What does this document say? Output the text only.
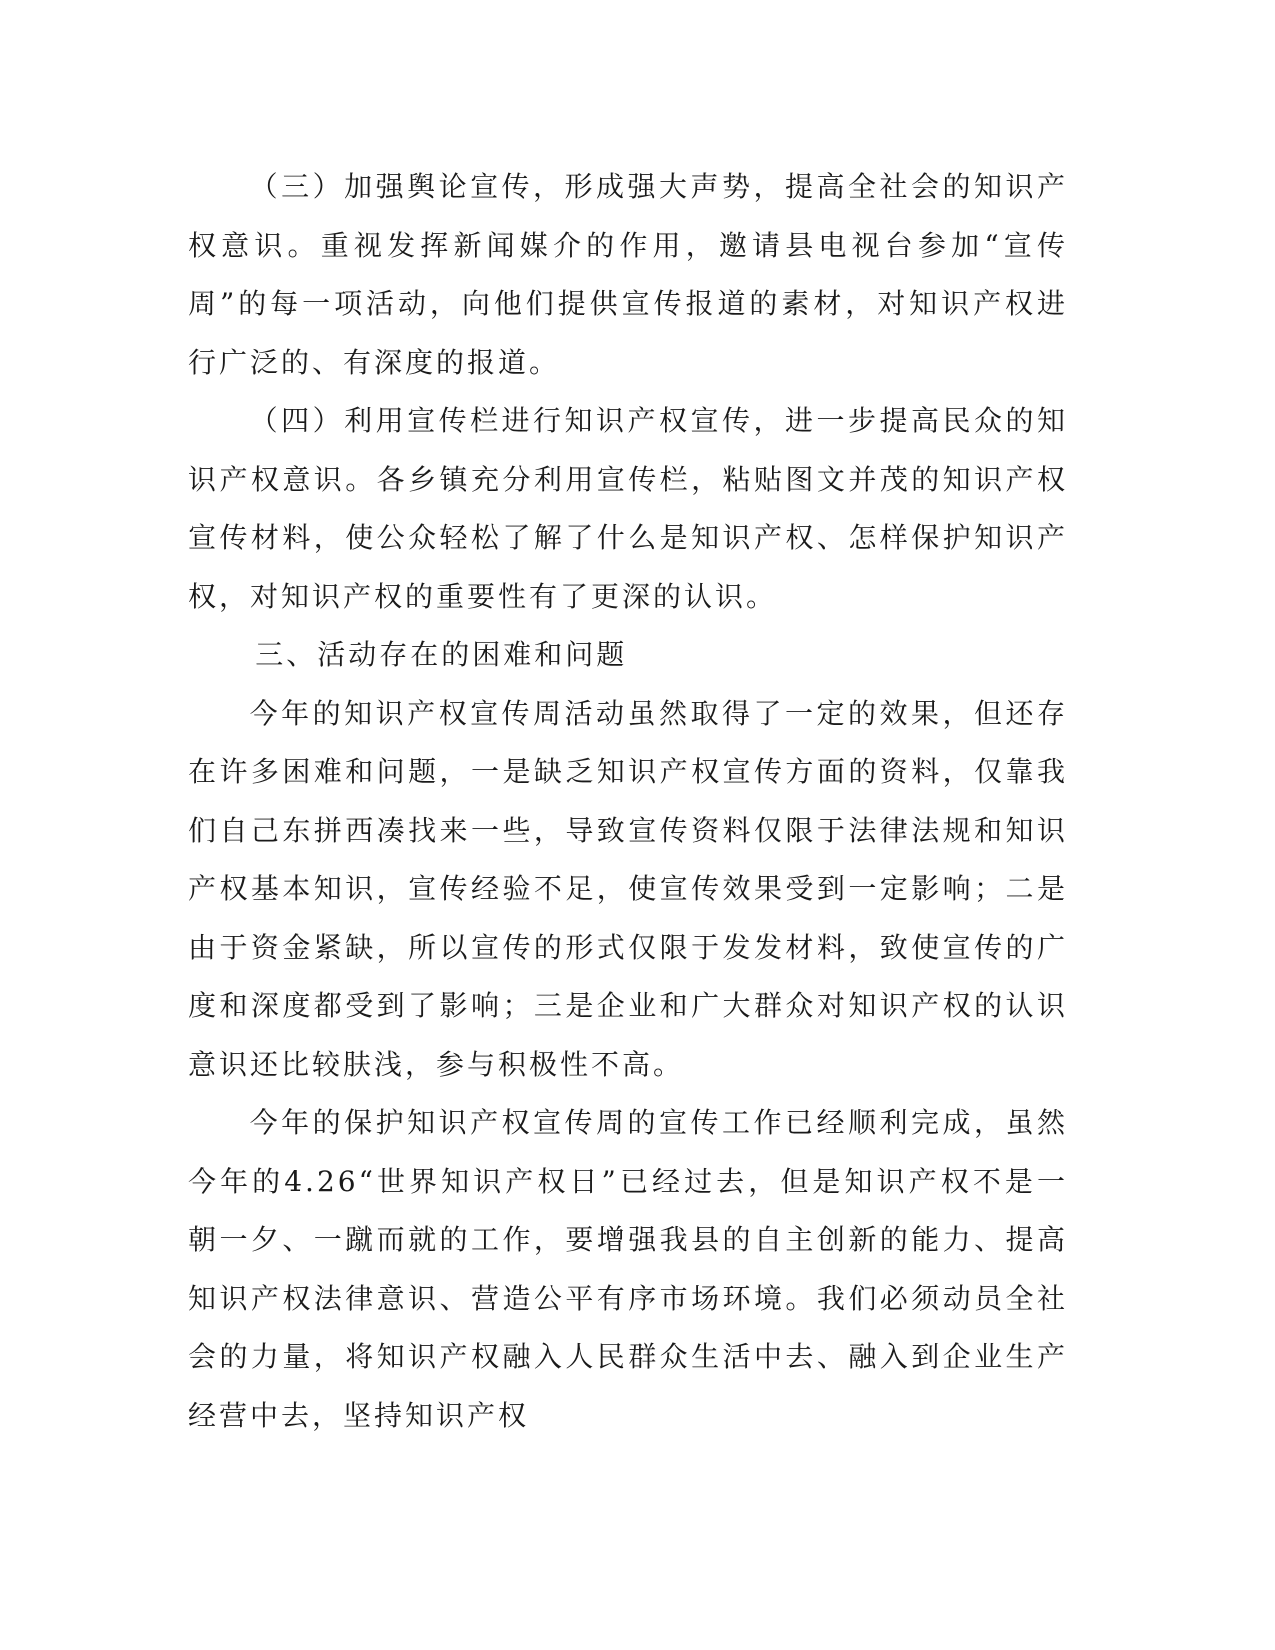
（三）加强舆论宣传，形成强大声势，提高全社会的知识产权意识。重视发挥新闻媒介的作用，邀请县电视台参加“宣传周”的每一项活动，向他们提供宣传报道的素材，对知识产权进行广泛的、有深度的报道。

（四）利用宣传栏进行知识产权宣传，进一步提高民众的知识产权意识。各乡镇充分利用宣传栏，粘贴图文并茂的知识产权宣传材料，使公众轻松了解了什么是知识产权、怎样保护知识产权，对知识产权的重要性有了更深的认识。

三、活动存在的困难和问题

今年的知识产权宣传周活动虽然取得了一定的效果，但还存在许多困难和问题，一是缺乏知识产权宣传方面的资料，仅靠我们自己东拼西凑找来一些，导致宣传资料仅限于法律法规和知识产权基本知识，宣传经验不足，使宣传效果受到一定影响；二是由于资金紧缺，所以宣传的形式仅限于发发材料，致使宣传的广度和深度都受到了影响；三是企业和广大群众对知识产权的认识意识还比较肤浅，参与积极性不高。

今年的保护知识产权宣传周的宣传工作已经顺利完成，虽然今年的4.26“世界知识产权日”已经过去，但是知识产权不是一朝一夕、一蹴而就的工作，要增强我县的自主创新的能力、提高知识产权法律意识、营造公平有序市场环境。我们必须动员全社会的力量，将知识产权融入人民群众生活中去、融入到企业生产经营中去，坚持知识产权
